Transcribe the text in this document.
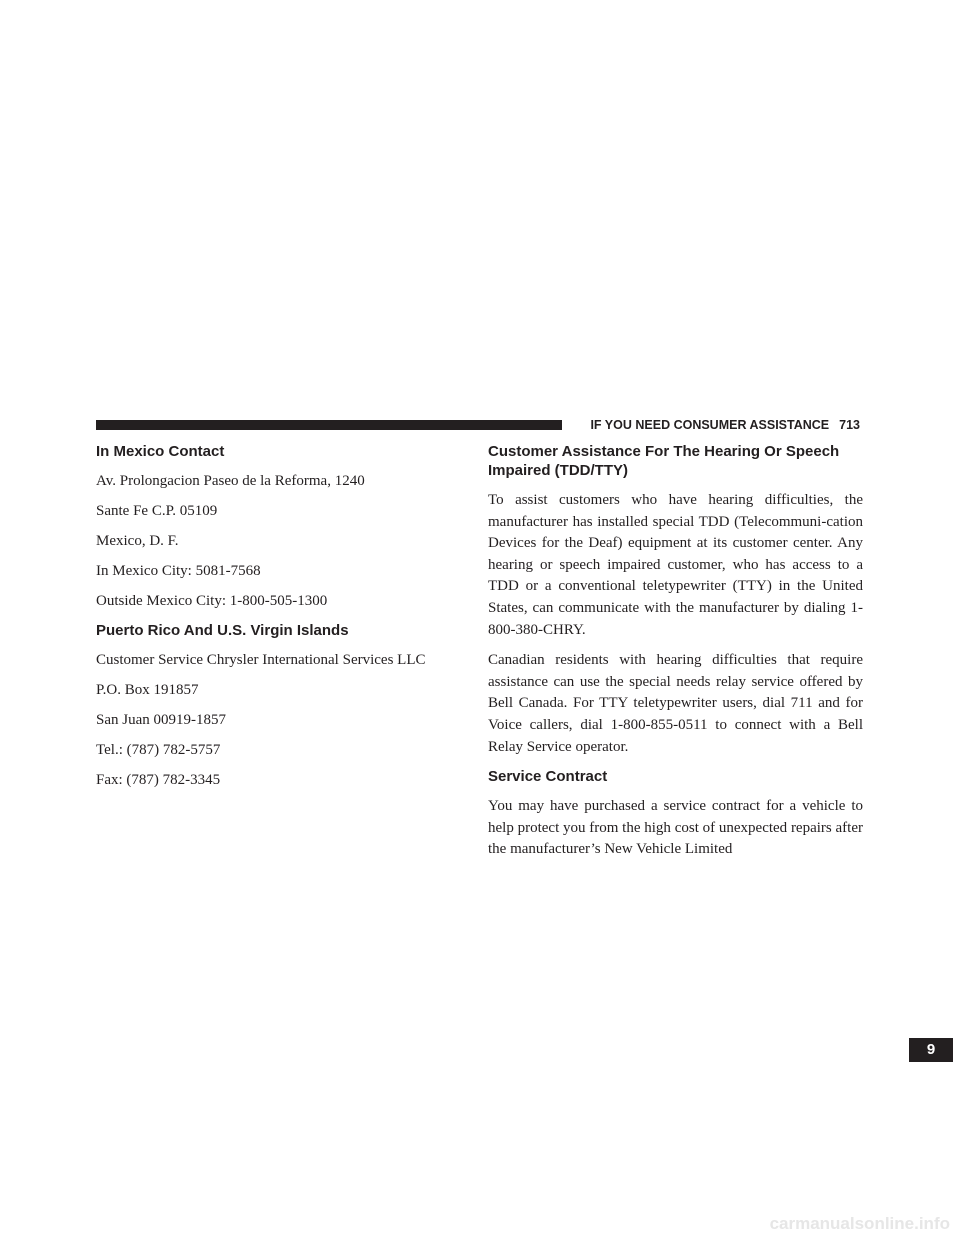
IF YOU NEED CONSUMER ASSISTANCE 713
In Mexico Contact
Av. Prolongacion Paseo de la Reforma, 1240
Sante Fe C.P. 05109
Mexico, D. F.
In Mexico City: 5081-7568
Outside Mexico City: 1-800-505-1300
Puerto Rico And U.S. Virgin Islands
Customer Service Chrysler International Services LLC
P.O. Box 191857
San Juan 00919-1857
Tel.: (787) 782-5757
Fax: (787) 782-3345
Customer Assistance For The Hearing Or Speech Impaired (TDD/TTY)

To assist customers who have hearing difficulties, the manufacturer has installed special TDD (Telecommuni-cation Devices for the Deaf) equipment at its customer center. Any hearing or speech impaired customer, who has access to a TDD or a conventional teletypewriter (TTY) in the United States, can communicate with the manufacturer by dialing 1-800-380-CHRY.

Canadian residents with hearing difficulties that require assistance can use the special needs relay service offered by Bell Canada. For TTY teletypewriter users, dial 711 and for Voice callers, dial 1-800-855-0511 to connect with a Bell Relay Service operator.

Service Contract

You may have purchased a service contract for a vehicle to help protect you from the high cost of unexpected repairs after the manufacturer’s New Vehicle Limited

9
carmanualsonline.info
